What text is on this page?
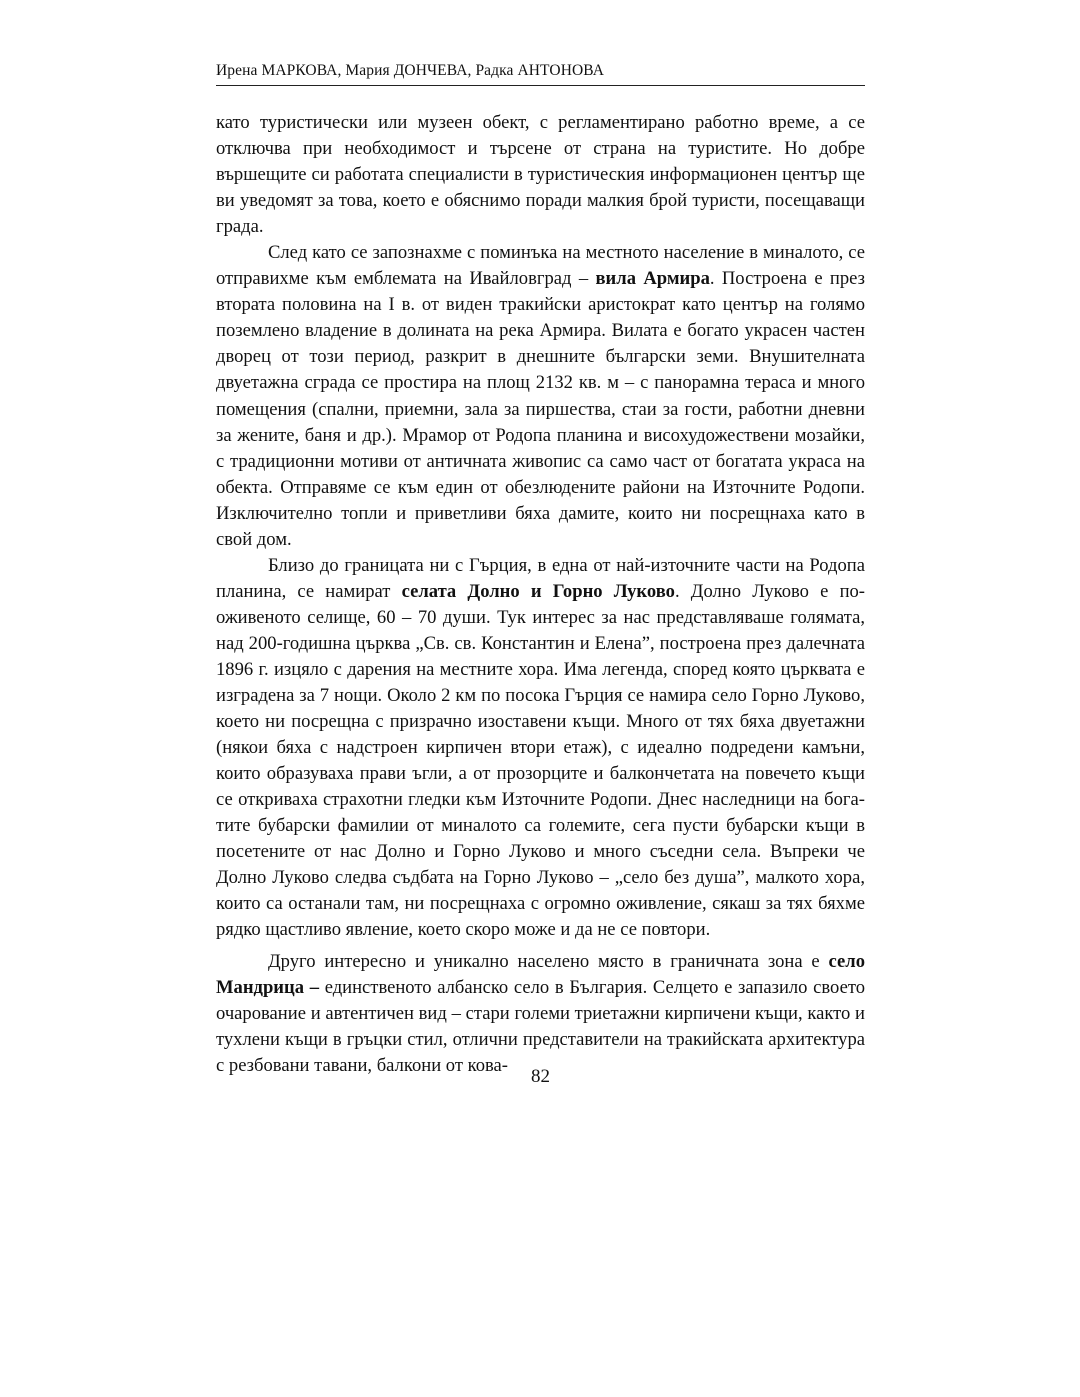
Ирена МАРКОВА, Мария ДОНЧЕВА, Радка АНТОНОВА

като туристически или музеен обект, с регламентирано работно време, а се отключва при необходимост и търсене от страна на туристите. Но добре вършещите си работата специалисти в туристическия информационен център ще ви уведомят за това, което е обяснимо поради малкия брой туристи, посещаващи града.

След като се запознахме с поминъка на местното население в миналото, се отправихме към емблемата на Ивайловград – вила Армира. Построена е през втората половина на I в. от виден тракийски аристократ като център на голямо поземлено владение в долината на река Армира. Вилата е богато украсен частен дворец от този период, разкрит в днешните български земи. Внушителната двуетажна сграда се простира на площ 2132 кв. м – с панорамна тераса и много помещения (спални, приемни, зала за пиршества, стаи за гости, работни дневни за жените, баня и др.). Мрамор от Родопа планина и висохудожествени мозайки, с традиционни мотиви от античната живопис са само част от богатата украса на обекта. Отправяме се към един от обезлюдените райони на Източните Родопи. Изключително топли и приветливи бяха дамите, които ни посрещнаха като в свой дом.

Близо до границата ни с Гърция, в една от най-източните части на Родопа планина, се намират селата Долно и Горно Луково. Долно Луково е по-оживеното селище, 60 – 70 души. Тук интерес за нас представляваше голямата, над 200-годишна църква „Св. св. Константин и Елена”, построена през далечната 1896 г. изцяло с дарения на местните хора. Има легенда, според която църквата е изградена за 7 нощи. Около 2 км по посока Гърция се намира село Горно Луково, което ни посрещна с призрачно изоставени къщи. Много от тях бяха двуетажни (някои бяха с надстроен кирпичен втори етаж), с идеално подредени камъни, които образуваха прави ъгли, а от прозорците и балкончетата на повечето къщи се откриваха страхотни гледки към Източните Родопи. Днес наследници на богатите бубарски фамилии от миналото са големите, сега пусти бубарски къщи в посетените от нас Долно и Горно Луково и много съседни села. Въпреки че Долно Луково следва съдбата на Горно Луково – „село без душа”, малкото хора, които са останали там, ни посрещнаха с огромно оживление, сякаш за тях бяхме рядко щастливо явление, което скоро може и да не се повтори.

Друго интересно и уникално населено място в граничната зона е село Мандрица – единственото албанско село в България. Селцето е запазило своето очарование и автентичен вид – стари големи триетажни кирпичени къщи, както и тухлени къщи в гръцки стил, отлични представители на тракийската архитектура с резбовани тавани, балкони от кова-

82
